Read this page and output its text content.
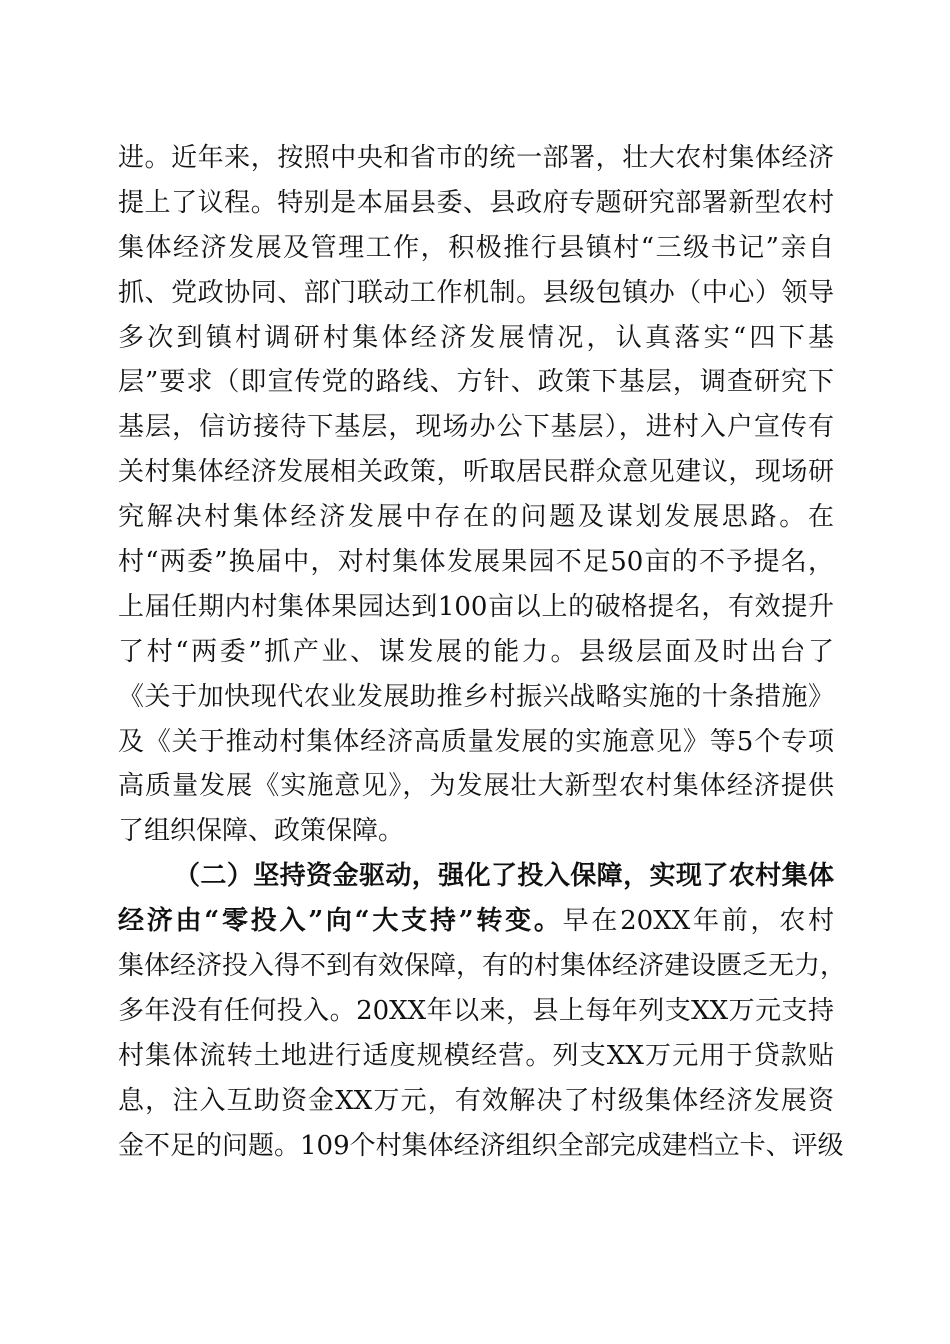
进。近年来，按照中央和省市的统一部署，壮大农村集体经济
提上了议程。特别是本届县委、县政府专题研究部署新型农村
集体经济发展及管理工作，积极推行县镇村“三级书记”亲自
抓、党政协同、部门联动工作机制。县级包镇办（中心）领导
多次到镇村调研村集体经济发展情况，认真落实“四下基
层”要求（即宣传党的路线、方针、政策下基层，调查研究下
基层，信访接待下基层，现场办公下基层），进村入户宣传有
关村集体经济发展相关政策，听取居民群众意见建议，现场研
究解决村集体经济发展中存在的问题及谋划发展思路。在
村“两委”换届中，对村集体发展果园不足50亩的不予提名，
上届任期内村集体果园达到100亩以上的破格提名，有效提升
了村“两委”抓产业、谋发展的能力。县级层面及时出台了
《关于加快现代农业发展助推乡村振兴战略实施的十条措施》
及《关于推动村集体经济高质量发展的实施意见》等5个专项
高质量发展《实施意见》，为发展壮大新型农村集体经济提供
了组织保障、政策保障。
（二）坚持资金驱动，强化了投入保障，实现了农村集体
经济由“零投入”向“大支持”转变。早在20XX年前，农村
集体经济投入得不到有效保障，有的村集体经济建设匮乏无力，
多年没有任何投入。20XX年以来，县上每年列支XX万元支持
村集体流转土地进行适度规模经营。列支XX万元用于贷款贴
息，注入互助资金XX万元，有效解决了村级集体经济发展资
金不足的问题。109个村集体经济组织全部完成建档立卡、评级
